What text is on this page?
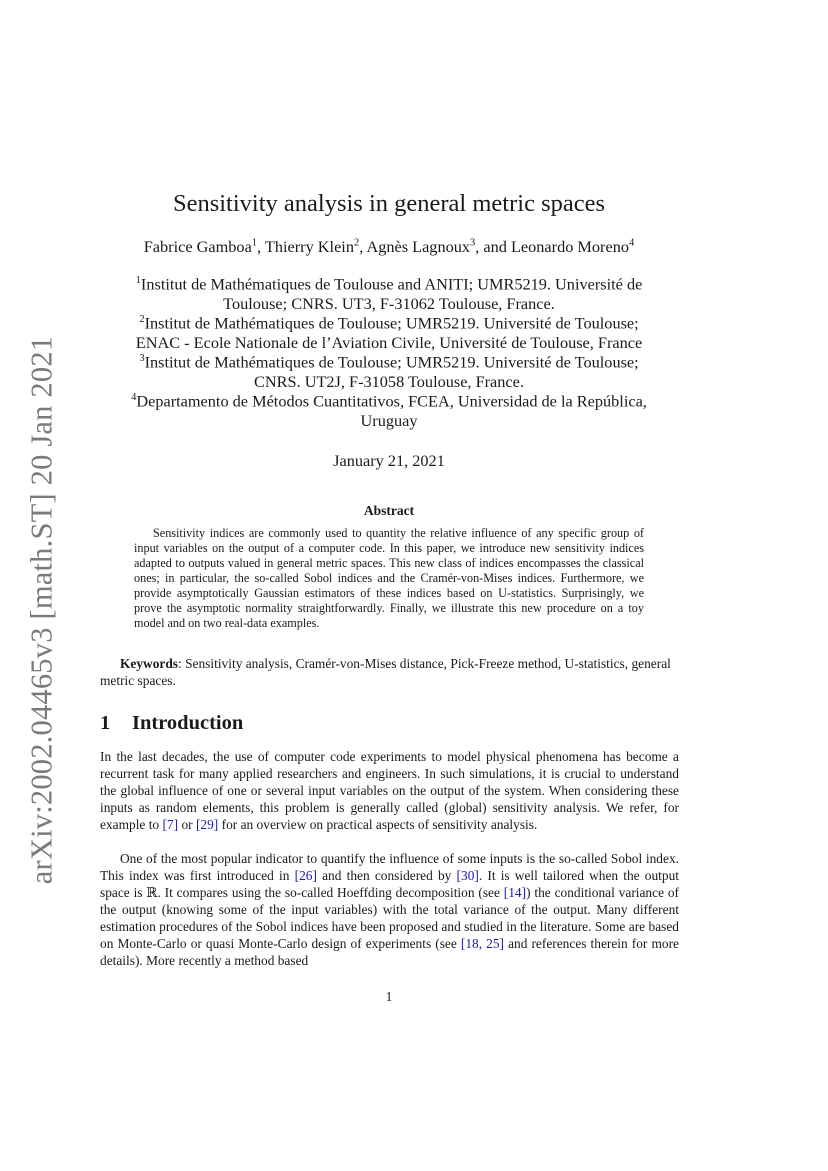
arXiv:2002.04465v3 [math.ST] 20 Jan 2021
Sensitivity analysis in general metric spaces
Fabrice Gamboa$^1$, Thierry Klein$^2$, Agnès Lagnoux$^3$, and Leonardo Moreno$^4$
$^1$Institut de Mathématiques de Toulouse and ANITI; UMR5219. Université de
Toulouse; CNRS. UT3, F-31062 Toulouse, France.
$^2$Institut de Mathématiques de Toulouse; UMR5219. Université de Toulouse;
ENAC - Ecole Nationale de l’Aviation Civile, Université de Toulouse, France
$^3$Institut de Mathématiques de Toulouse; UMR5219. Université de Toulouse;
CNRS. UT2J, F-31058 Toulouse, France.
$^4$Departamento de Métodos Cuantitativos, FCEA, Universidad de la República,
Uruguay
January 21, 2021
Abstract
Sensitivity indices are commonly used to quantity the relative influence of any specific group of input variables on the output of a computer code. In this paper, we introduce new sensitivity indices adapted to outputs valued in general metric spaces. This new class of indices encompasses the classical ones; in particular, the so-called Sobol indices and the Cramér-von-Mises indices. Furthermore, we provide asymptotically Gaussian estimators of these indices based on U-statistics. Surprisingly, we prove the asymptotic normality straightforwardly. Finally, we illustrate this new procedure on a toy model and on two real-data examples.
Keywords: Sensitivity analysis, Cramér-von-Mises distance, Pick-Freeze method, U-statistics, general metric spaces.
1 Introduction
In the last decades, the use of computer code experiments to model physical phenomena has become a recurrent task for many applied researchers and engineers. In such simulations, it is crucial to understand the global influence of one or several input variables on the output of the system. When considering these inputs as random elements, this problem is generally called (global) sensitivity analysis. We refer, for example to [7] or [29] for an overview on practical aspects of sensitivity analysis.
One of the most popular indicator to quantify the influence of some inputs is the so-called Sobol index. This index was first introduced in [26] and then considered by [30]. It is well tailored when the output space is ℝ. It compares using the so-called Hoeffding decomposition (see [14]) the conditional variance of the output (knowing some of the input variables) with the total variance of the output. Many different estimation procedures of the Sobol indices have been proposed and studied in the literature. Some are based on Monte-Carlo or quasi Monte-Carlo design of experiments (see [18, 25] and references therein for more details). More recently a method based
1
